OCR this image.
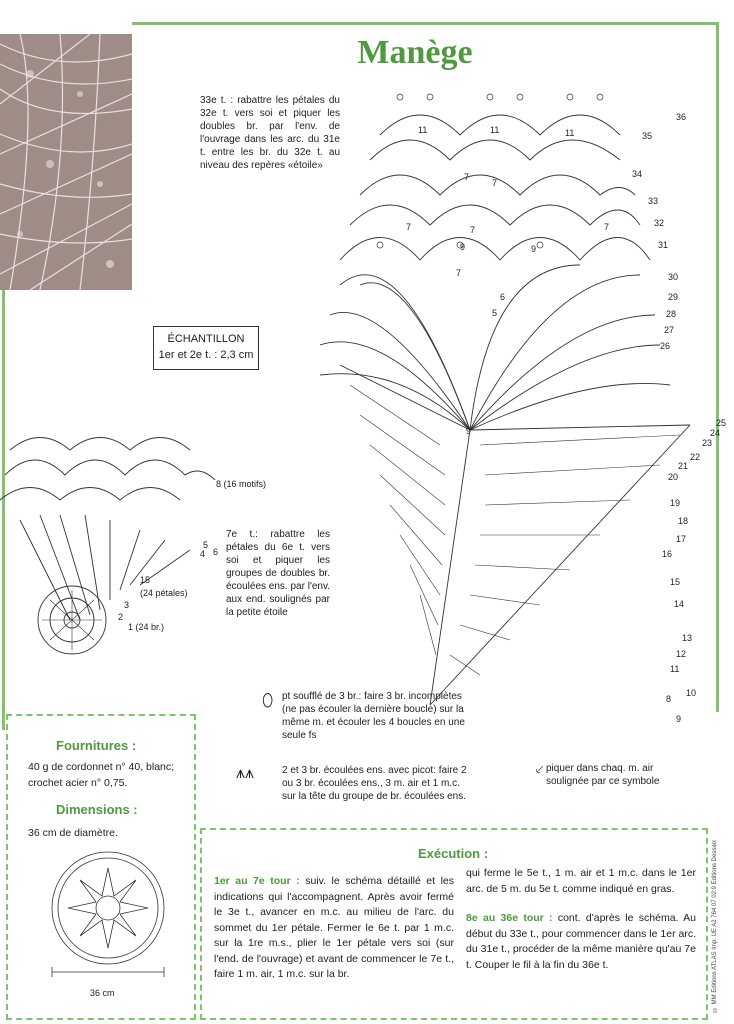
Manège
33e t. : rabattre les pétales du 32e t. vers soi et piquer les doubles br. par l'env. de l'ouvrage dans les arc. du 31e t. entre les br. du 32e t. au niveau des repères «étoile»
ÉCHANTILLON
1er et 2e t. : 2,3 cm
36
35
34
33
32
31
30
29
28
27
26
25
24
23
22
21
20
19
18
17
16
15
14
13
12
11
10
9
8
11	11	11
7
7
7	7	7
9	9
7
6
5
9
8 (16 motifs)
15
(24 pétales)
1 (24 br.)
2
3
4
5
6
7e t.: rabattre les pétales du 6e t. vers soi et piquer les groupes de doubles br. écoulées ens. par l'env. aux end. soulignés par la petite étoile
⬯ pt soufflé de 3 br.: faire 3 br. incomplètes (ne pas écouler la dernière boucle) sur la même m. et écouler les 4 boucles en une seule fs
⩚⩚	2 et 3 br. écoulées ens. avec picot: faire 2 ou 3 br. écoulées ens., 3 m. air et 1 m.c. sur la tête du groupe de br. écoulées ens.
⸔ piquer dans chaq. m. air soulignée par ce symbole
Fournitures :
40 g de cordonnet n° 40, blanc; crochet acier n° 0,75.
Dimensions :
36 cm de diamètre.
36 cm
Exécution :
1er au 7e tour : suiv. le schéma détaillé et les indications qui l'accompagnent. Après avoir fermé le 3e t., avancer en m.c. au milieu de l'arc. du sommet du 1er pétale. Fermer le 6e t. par 1 m.c. sur la 1re m.s., plier le 1er pétale vers soi (sur l'end. de l'ouvrage) et avant de commencer le 7e t., faire 1 m. air, 1 m.c. sur la br.
qui ferme le 5e t., 1 m. air et 1 m.c. dans le 1er arc. de 5 m. du 5e t. comme indiqué en gras.
8e au 36e tour : cont. d'après le schéma. Au début du 33e t., pour commencer dans le 1er arc. du 31e t., procéder de la même manière qu'au 7e t. Couper le fil à la fin du 36e t.	© MM Éditions ATLAS Imp. UE A2 764 07 02.9 Éditions Dessaix
